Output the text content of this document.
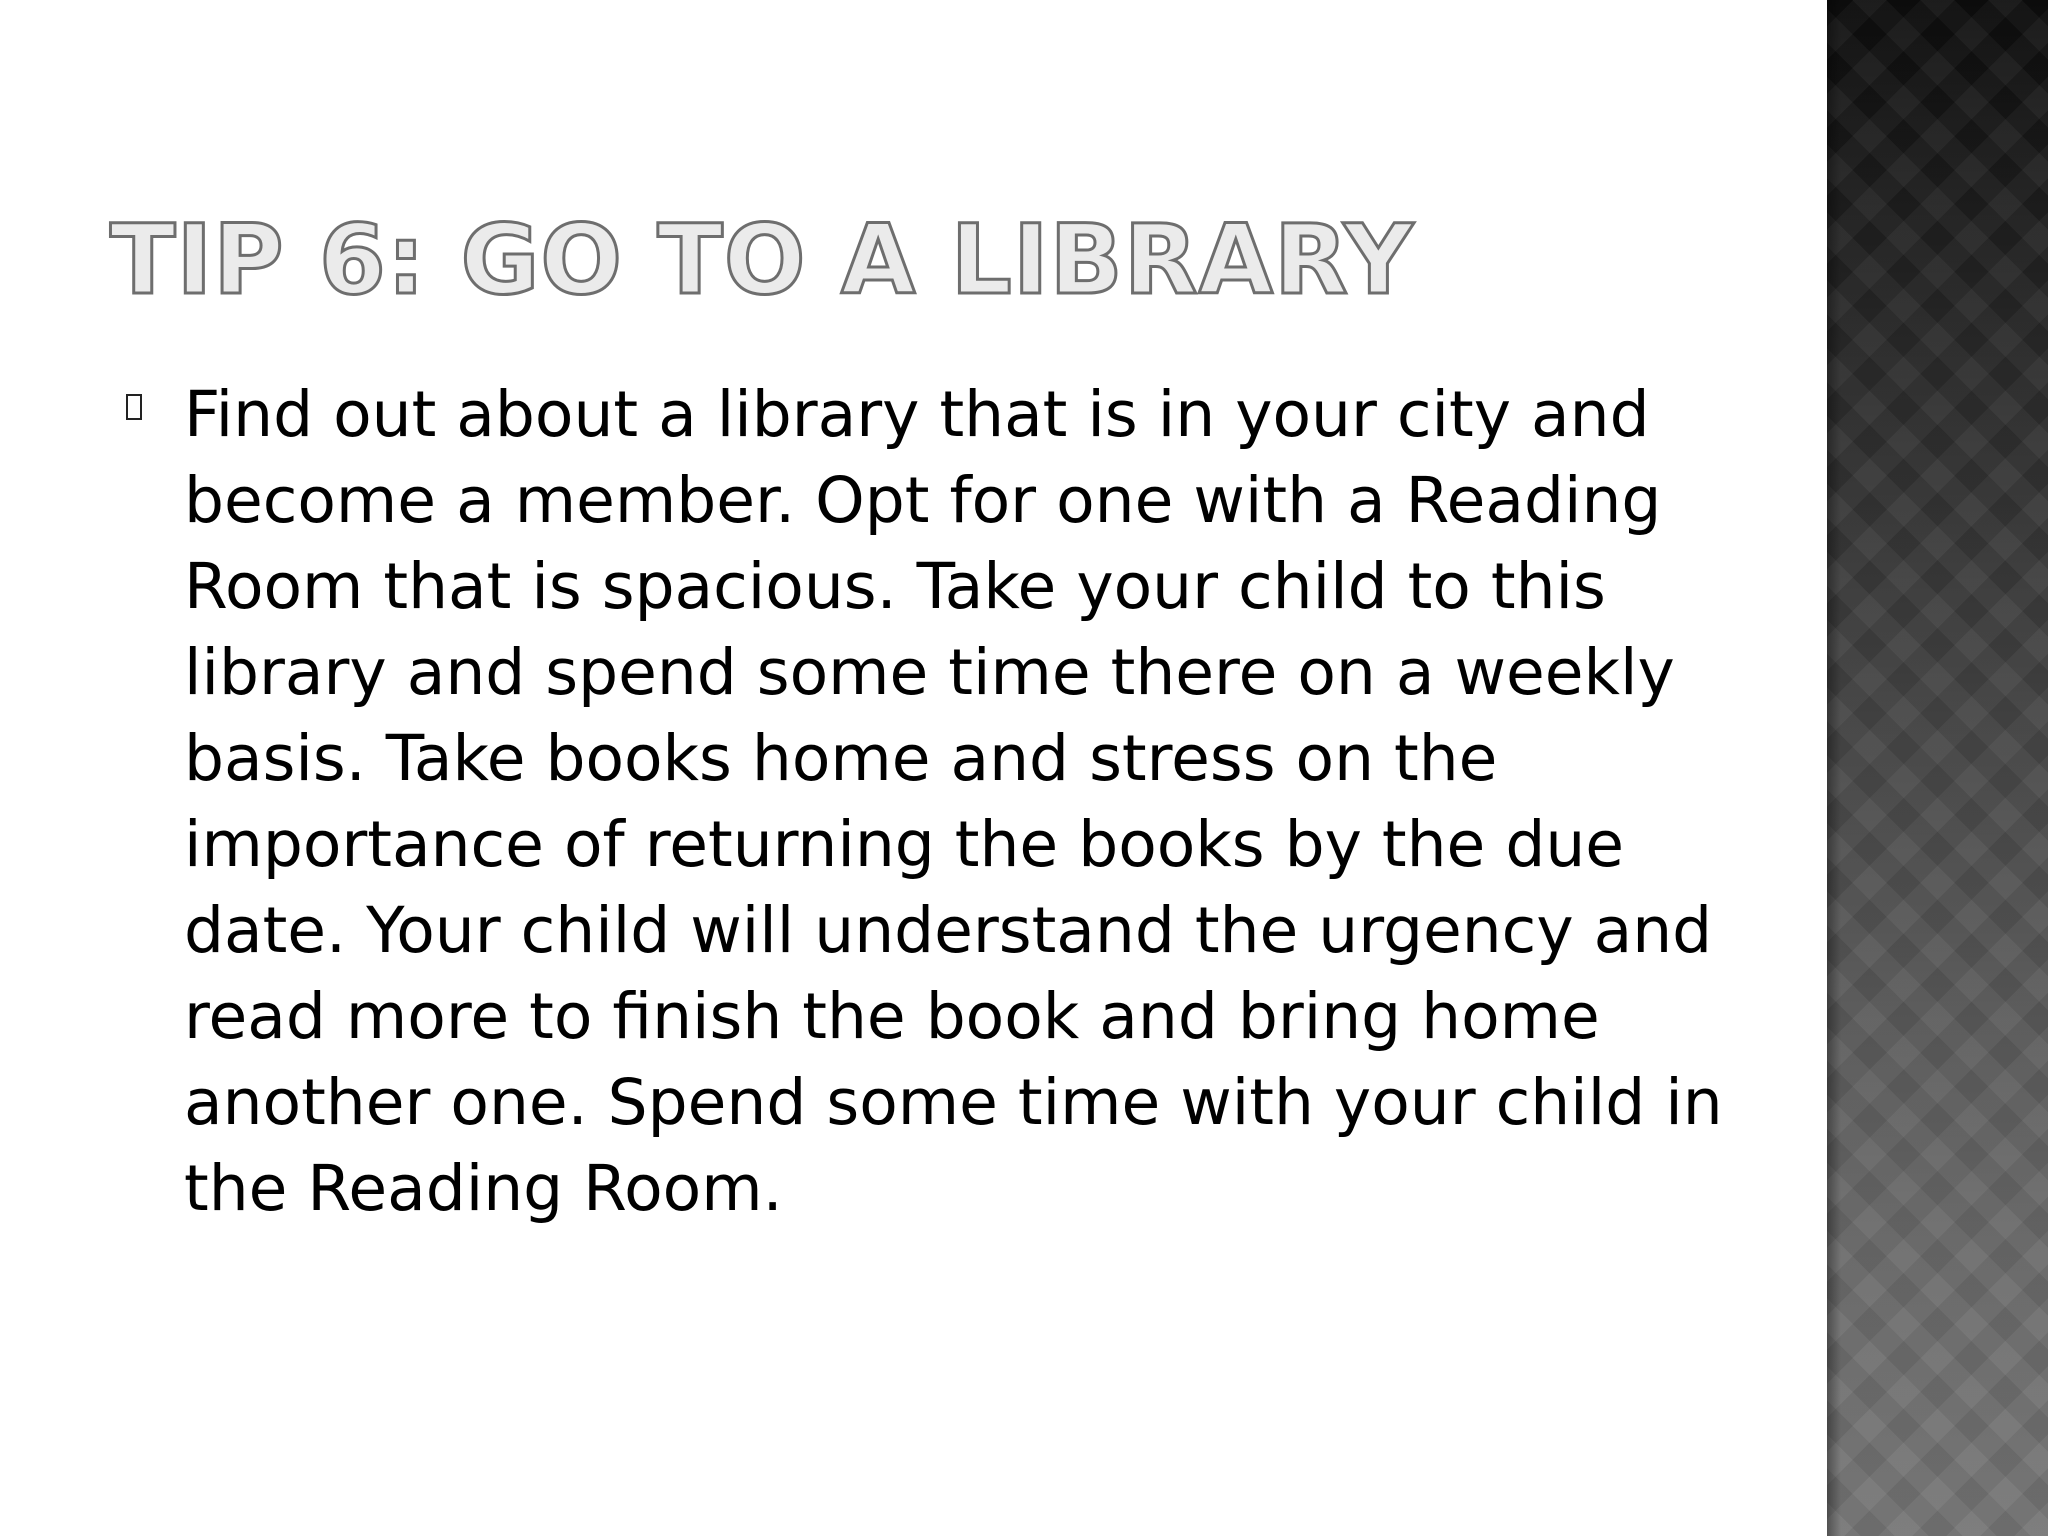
TIP 6: GO TO A LIBRARY

Find out about a library that is in your city and become a member. Opt for one with a Reading Room that is spacious. Take your child to this library and spend some time there on a weekly basis. Take books home and stress on the importance of returning the books by the due date. Your child will understand the urgency and read more to finish the book and bring home another one. Spend some time with your child in the Reading Room.
